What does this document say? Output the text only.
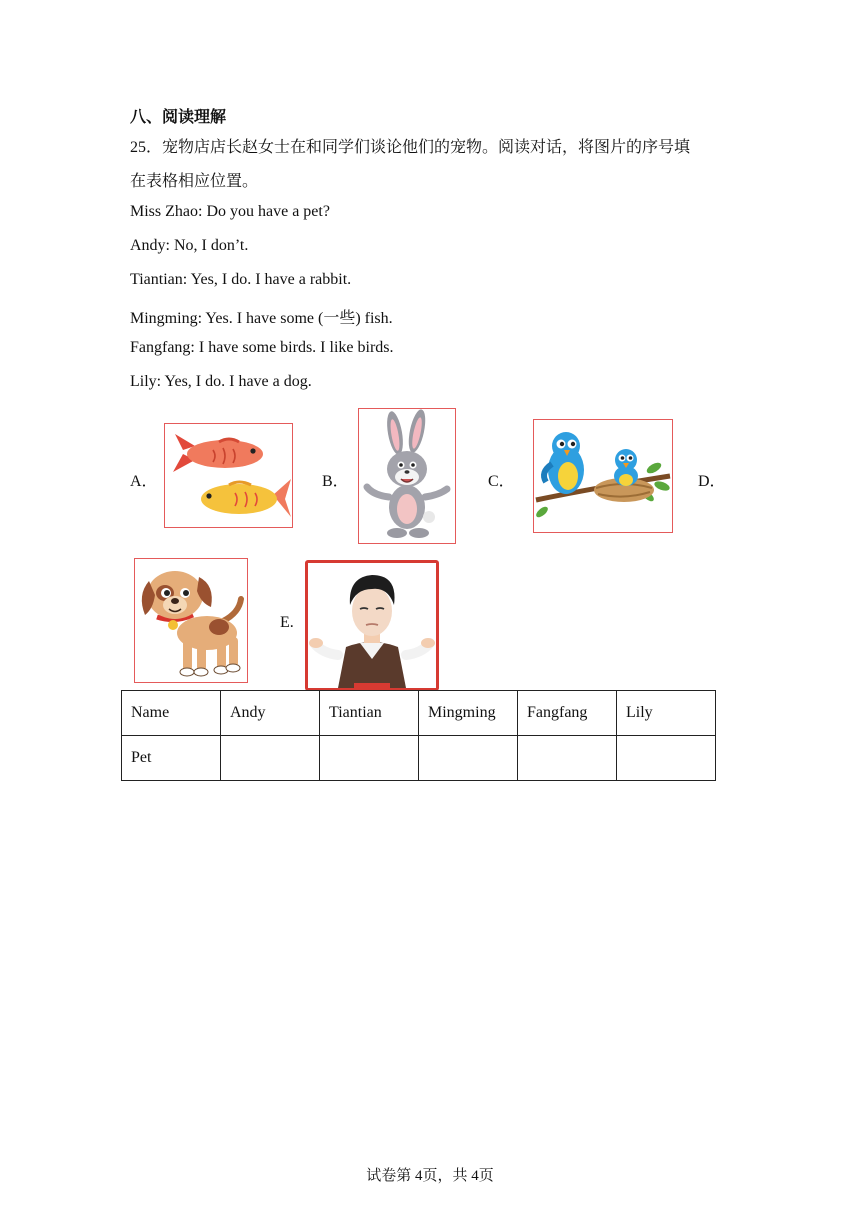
八、阅读理解
25．宠物店店长赵女士在和同学们谈论他们的宠物。阅读对话，将图片的序号填
在表格相应位置。
Miss Zhao: Do you have a pet?
Andy: No, I don’t.
Tiantian: Yes, I do. I have a rabbit.
Mingming: Yes. I have some (一些) fish.
Fangfang: I have some birds. I like birds.
Lily: Yes, I do. I have a dog.
A．	B．	C．	D．
E.
Name	Andy	Tiantian	Mingming	Fangfang	Lily
Pet					
试卷第 4页，共 4页
